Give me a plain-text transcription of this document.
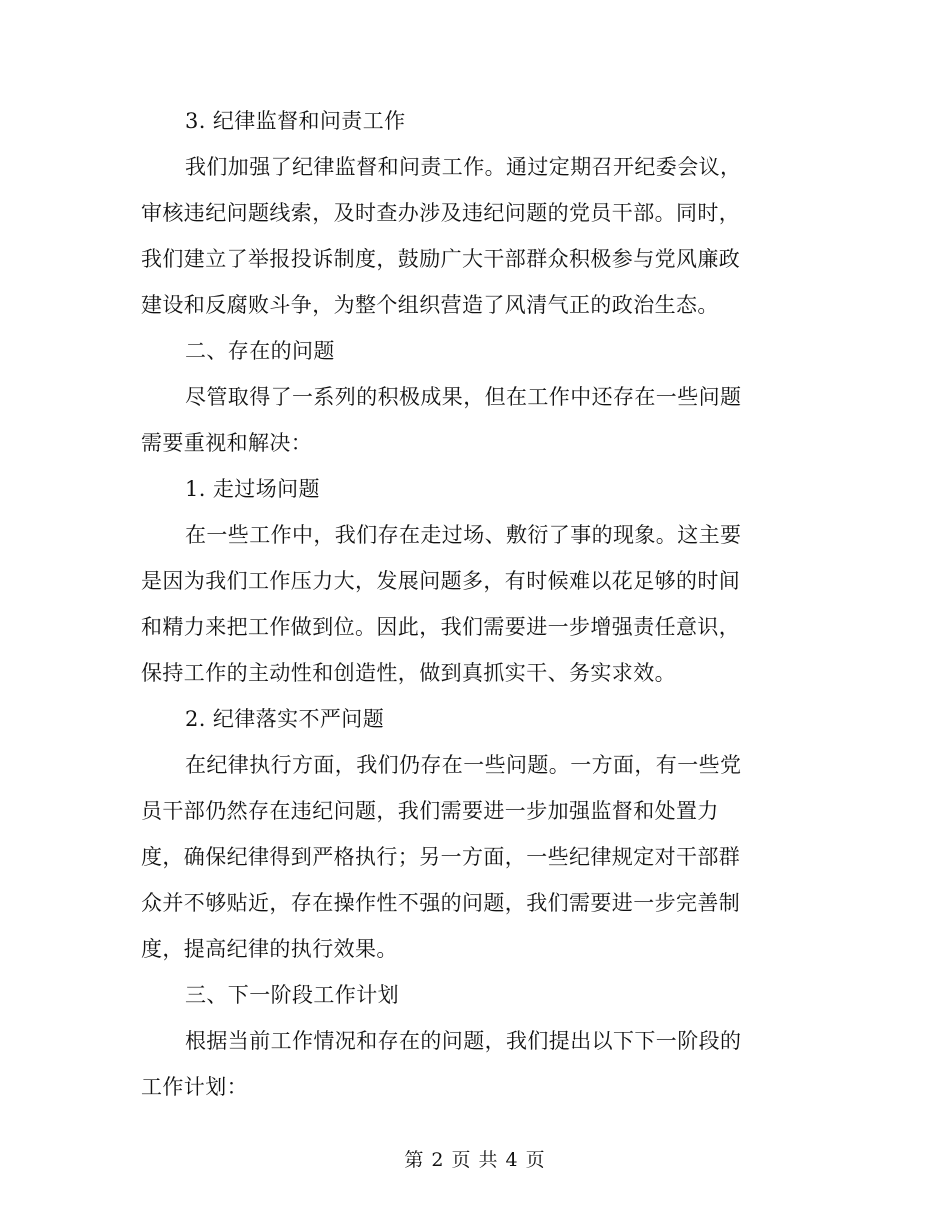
3. 纪律监督和问责工作
我们加强了纪律监督和问责工作。通过定期召开纪委会议，
审核违纪问题线索，及时查办涉及违纪问题的党员干部。同时，
我们建立了举报投诉制度，鼓励广大干部群众积极参与党风廉政
建设和反腐败斗争，为整个组织营造了风清气正的政治生态。
二、存在的问题
尽管取得了一系列的积极成果，但在工作中还存在一些问题
需要重视和解决：
1. 走过场问题
在一些工作中，我们存在走过场、敷衍了事的现象。这主要
是因为我们工作压力大，发展问题多，有时候难以花足够的时间
和精力来把工作做到位。因此，我们需要进一步增强责任意识，
保持工作的主动性和创造性，做到真抓实干、务实求效。
2. 纪律落实不严问题
在纪律执行方面，我们仍存在一些问题。一方面，有一些党
员干部仍然存在违纪问题，我们需要进一步加强监督和处置力
度，确保纪律得到严格执行；另一方面，一些纪律规定对干部群
众并不够贴近，存在操作性不强的问题，我们需要进一步完善制
度，提高纪律的执行效果。
三、下一阶段工作计划
根据当前工作情况和存在的问题，我们提出以下下一阶段的
工作计划：
第 2 页 共 4 页
